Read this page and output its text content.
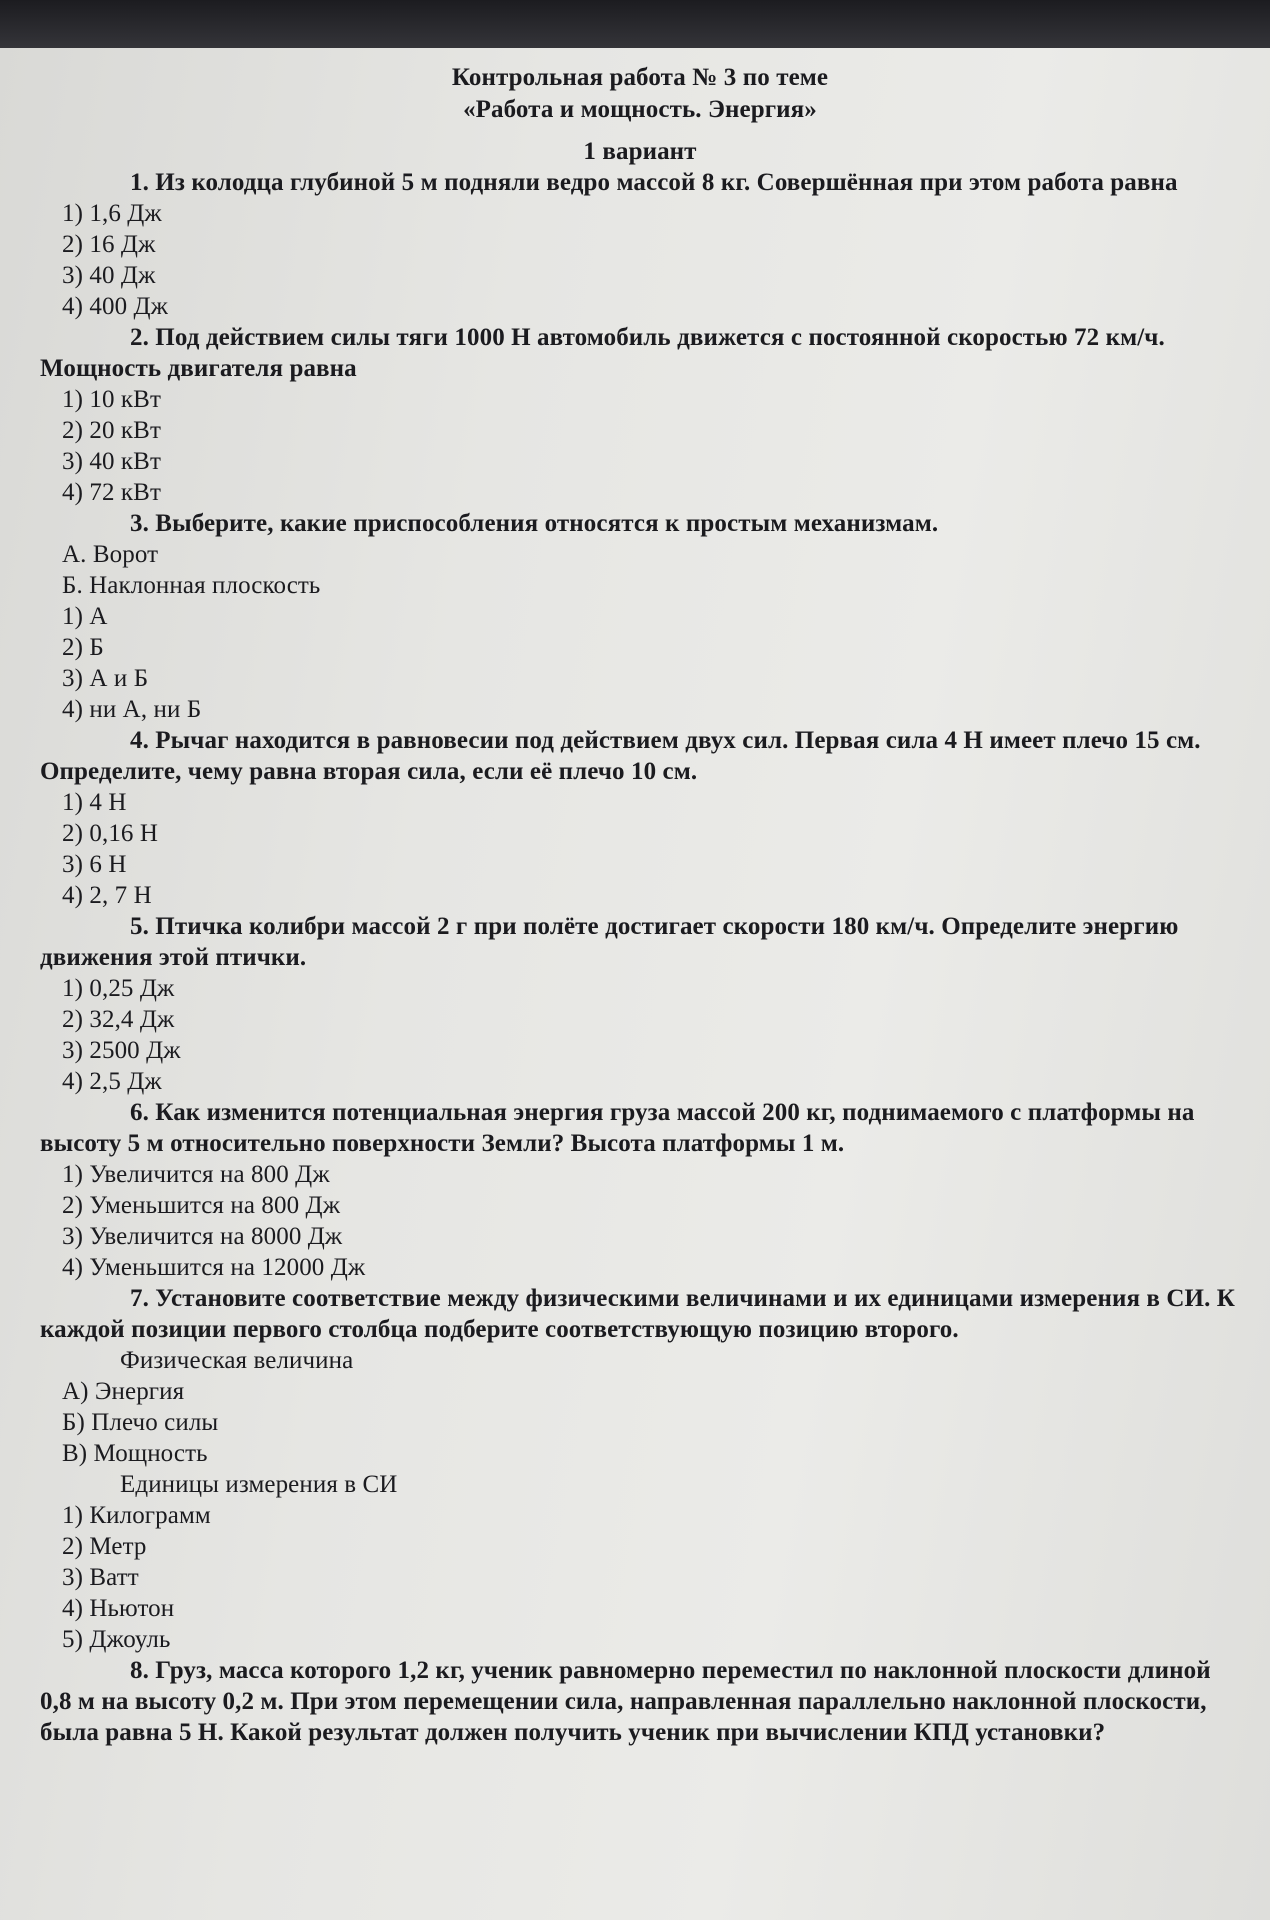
Контрольная работа № 3 по теме
«Работа и мощность. Энергия»
1 вариант
1. Из колодца глубиной 5 м подняли ведро массой 8 кг. Совершённая при этом работа равна
1) 1,6 Дж
2) 16 Дж
3) 40 Дж
4) 400 Дж
2. Под действием силы тяги 1000 Н автомобиль движется с постоянной скоростью 72 км/ч. Мощность двигателя равна
1) 10 кВт
2) 20 кВт
3) 40 кВт
4) 72 кВт
3. Выберите, какие приспособления относятся к простым механизмам.
А. Ворот
Б. Наклонная плоскость
1) А
2) Б
3) А и Б
4) ни А, ни Б
4. Рычаг находится в равновесии под действием двух сил. Первая сила 4 Н имеет плечо 15 см. Определите, чему равна вторая сила, если её плечо 10 см.
1) 4 Н
2) 0,16 Н
3) 6 Н
4) 2, 7 Н
5. Птичка колибри массой 2 г при полёте достигает скорости 180 км/ч. Определите энергию движения этой птички.
1) 0,25 Дж
2) 32,4 Дж
3) 2500 Дж
4) 2,5 Дж
6. Как изменится потенциальная энергия груза массой 200 кг, поднимаемого с платформы на высоту 5 м относительно поверхности Земли? Высота платформы 1 м.
1) Увеличится на 800 Дж
2) Уменьшится на 800 Дж
3) Увеличится на 8000 Дж
4) Уменьшится на 12000 Дж
7. Установите соответствие между физическими величинами и их единицами измерения в СИ. К каждой позиции первого столбца подберите соответствующую позицию второго.
Физическая величина
А) Энергия
Б) Плечо силы
В) Мощность
Единицы измерения в СИ
1) Килограмм
2) Метр
3) Ватт
4) Ньютон
5) Джоуль
8. Груз, масса которого 1,2 кг, ученик равномерно переместил по наклонной плоскости длиной 0,8 м на высоту 0,2 м. При этом перемещении сила, направленная параллельно наклонной плоскости, была равна 5 Н. Какой результат должен получить ученик при вычислении КПД установки?
